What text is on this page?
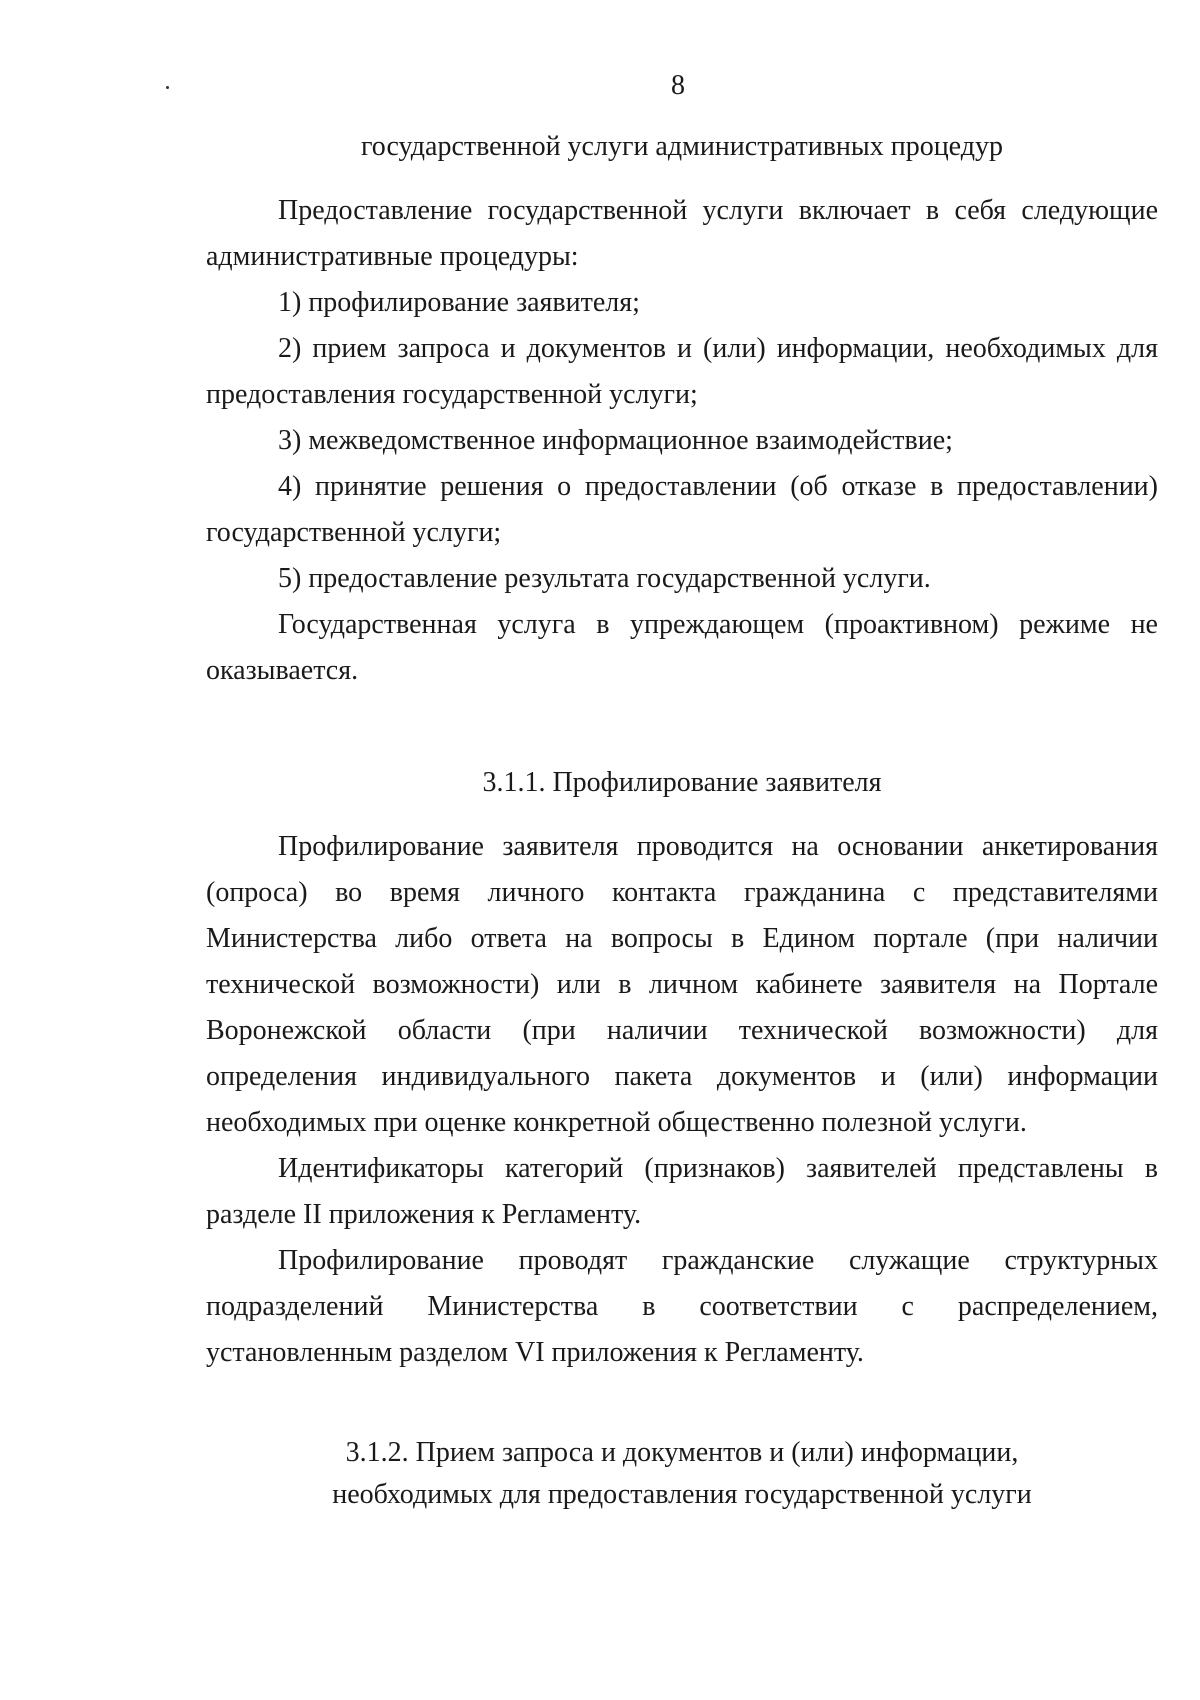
8

государственной услуги административных процедур

Предоставление государственной услуги включает в себя следующие административные процедуры:

1) профилирование заявителя;

2) прием запроса и документов и (или) информации, необходимых для предоставления государственной услуги;

3) межведомственное информационное взаимодействие;

4) принятие решения о предоставлении (об отказе в предоставлении) государственной услуги;

5) предоставление результата государственной услуги.

Государственная услуга в упреждающем (проактивном) режиме не оказывается.

3.1.1. Профилирование заявителя

Профилирование заявителя проводится на основании анкетирования (опроса) во время личного контакта гражданина с представителями Министерства либо ответа на вопросы в Едином портале (при наличии технической возможности) или в личном кабинете заявителя на Портале Воронежской области (при наличии технической возможности) для определения индивидуального пакета документов и (или) информации необходимых при оценке конкретной общественно полезной услуги.

Идентификаторы категорий (признаков) заявителей представлены в разделе II приложения к Регламенту.

Профилирование проводят гражданские служащие структурных подразделений Министерства в соответствии с распределением, установленным разделом VI приложения к Регламенту.

3.1.2. Прием запроса и документов и (или) информации,
необходимых для предоставления государственной услуги
